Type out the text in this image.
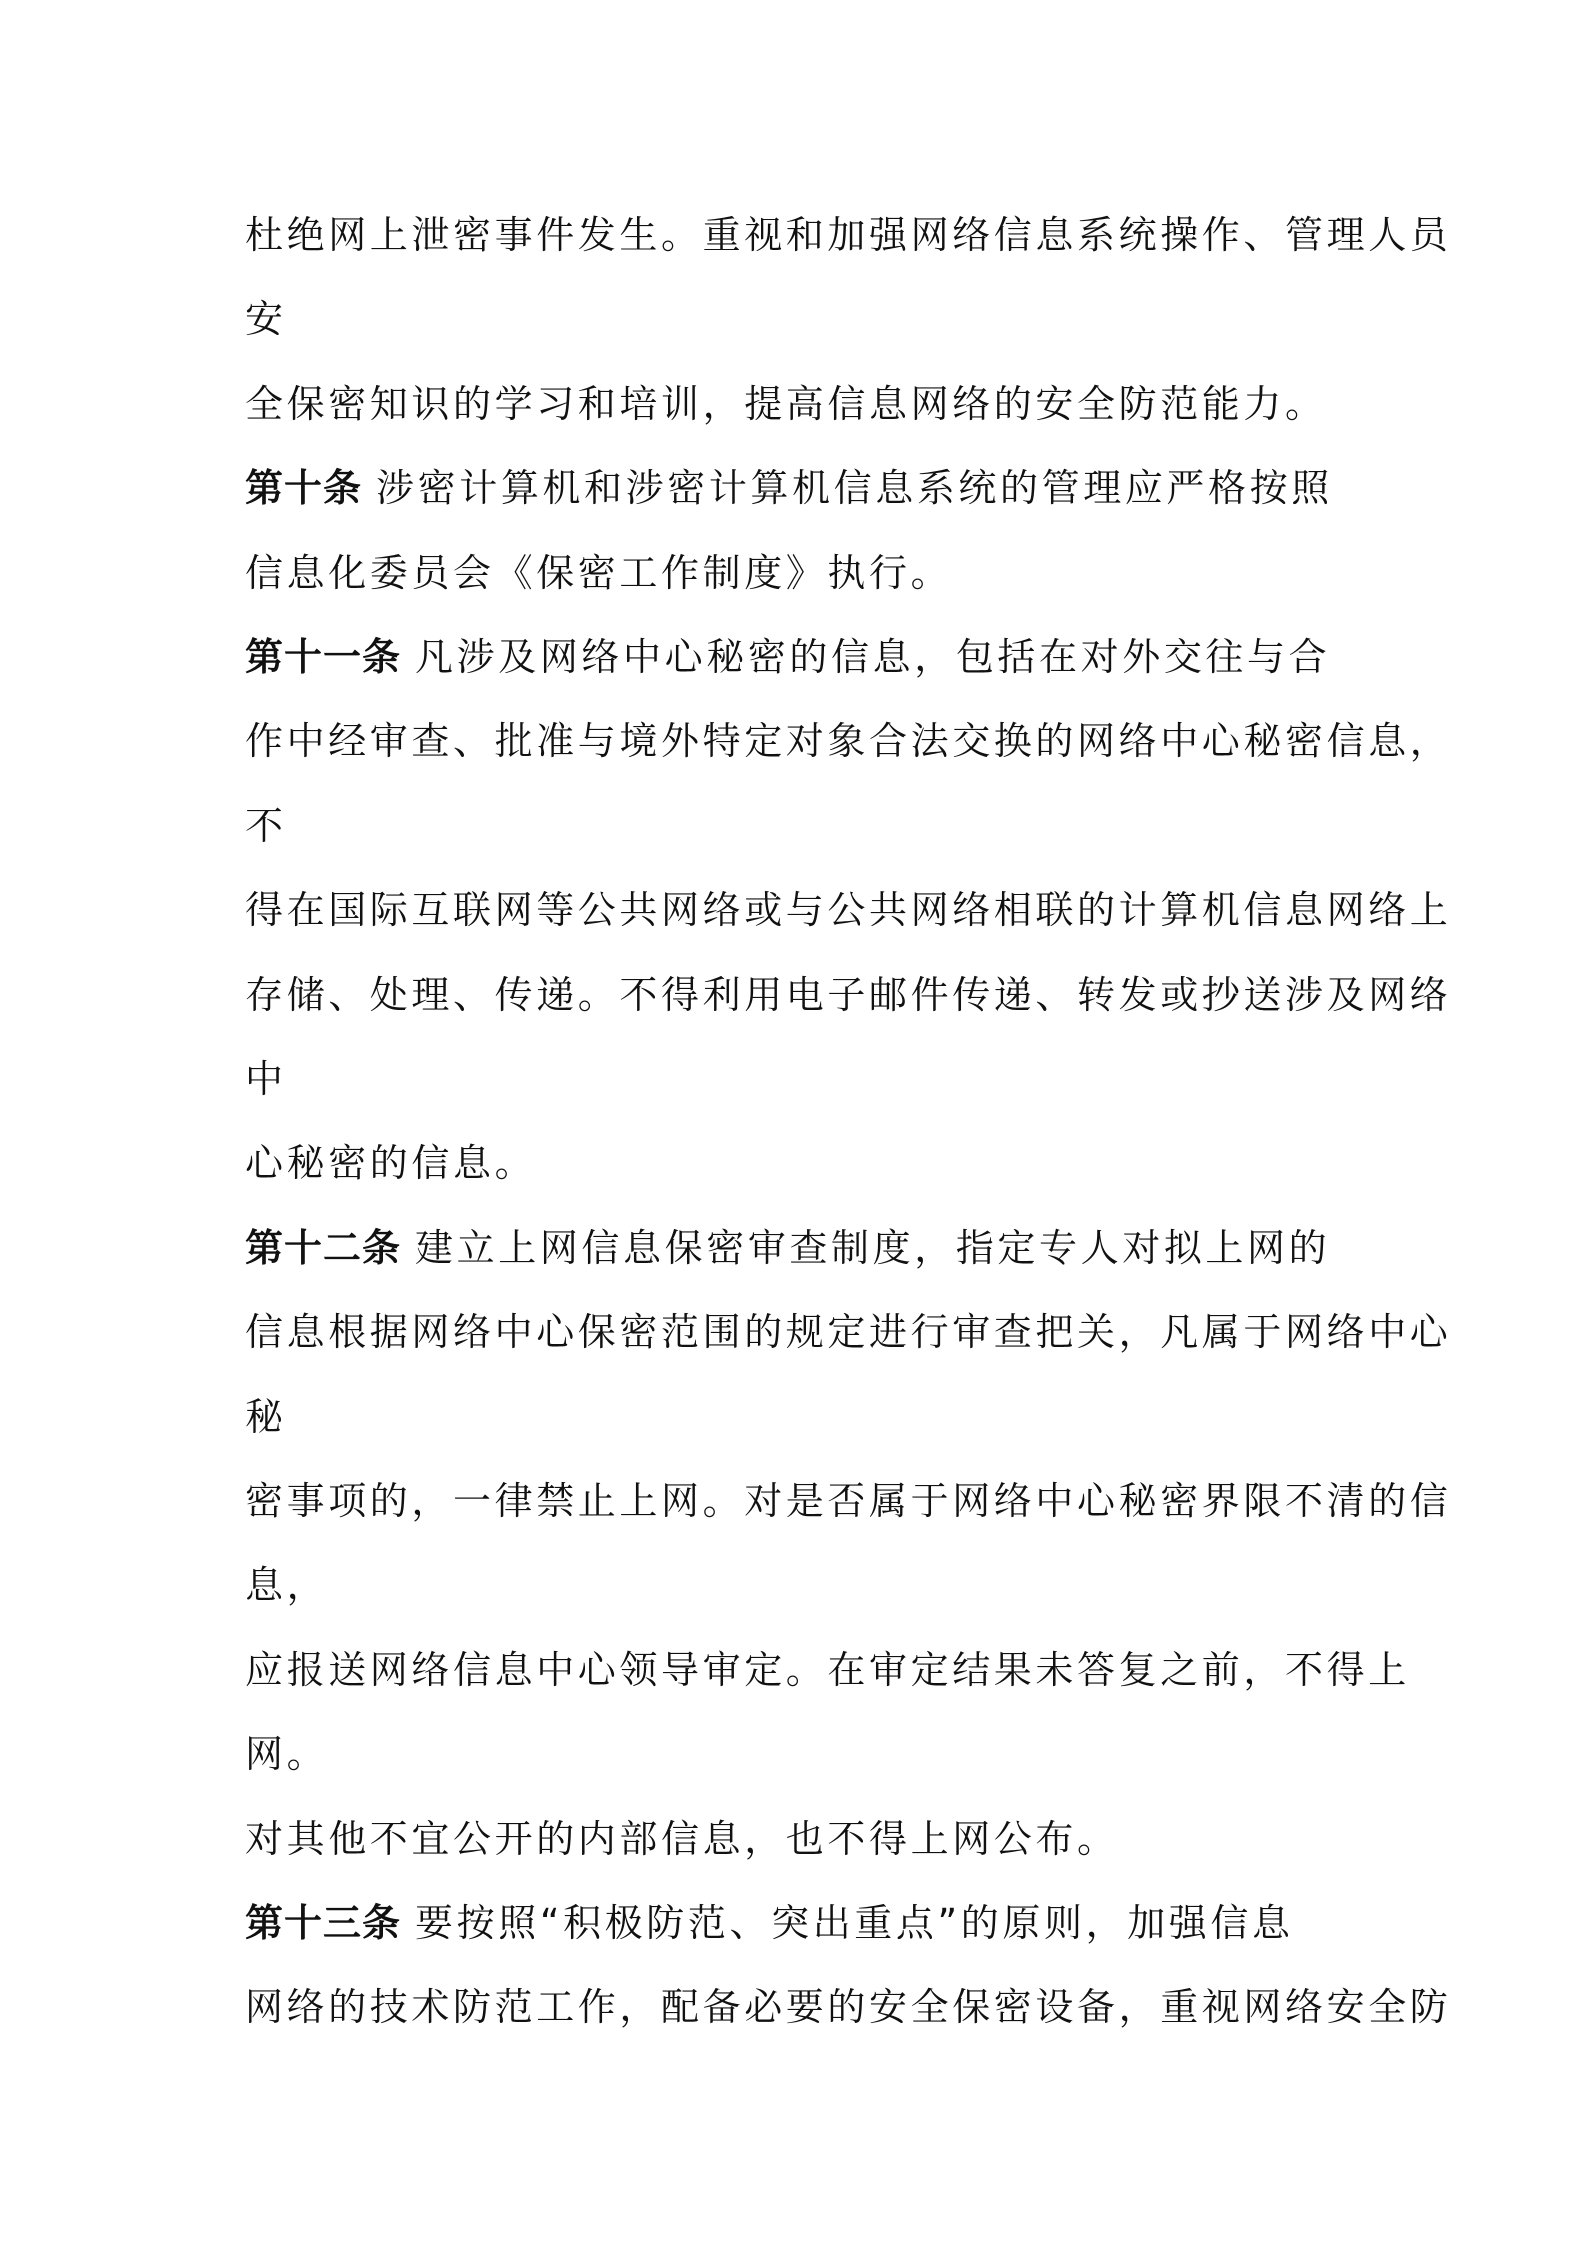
杜绝网上泄密事件发生。重视和加强网络信息系统操作、管理人员
安
全保密知识的学习和培训，提高信息网络的安全防范能力。
第十条 涉密计算机和涉密计算机信息系统的管理应严格按照
信息化委员会《保密工作制度》执行。
第十一条 凡涉及网络中心秘密的信息，包括在对外交往与合
作中经审查、批准与境外特定对象合法交换的网络中心秘密信息，
不
得在国际互联网等公共网络或与公共网络相联的计算机信息网络上
存储、处理、传递。不得利用电子邮件传递、转发或抄送涉及网络
中
心秘密的信息。
第十二条 建立上网信息保密审查制度，指定专人对拟上网的
信息根据网络中心保密范围的规定进行审查把关，凡属于网络中心
秘
密事项的，一律禁止上网。对是否属于网络中心秘密界限不清的信
息，
应报送网络信息中心领导审定。在审定结果未答复之前，不得上
网。
对其他不宜公开的内部信息，也不得上网公布。
第十三条 要按照“积极防范、突出重点”的原则，加强信息
网络的技术防范工作，配备必要的安全保密设备，重视网络安全防
